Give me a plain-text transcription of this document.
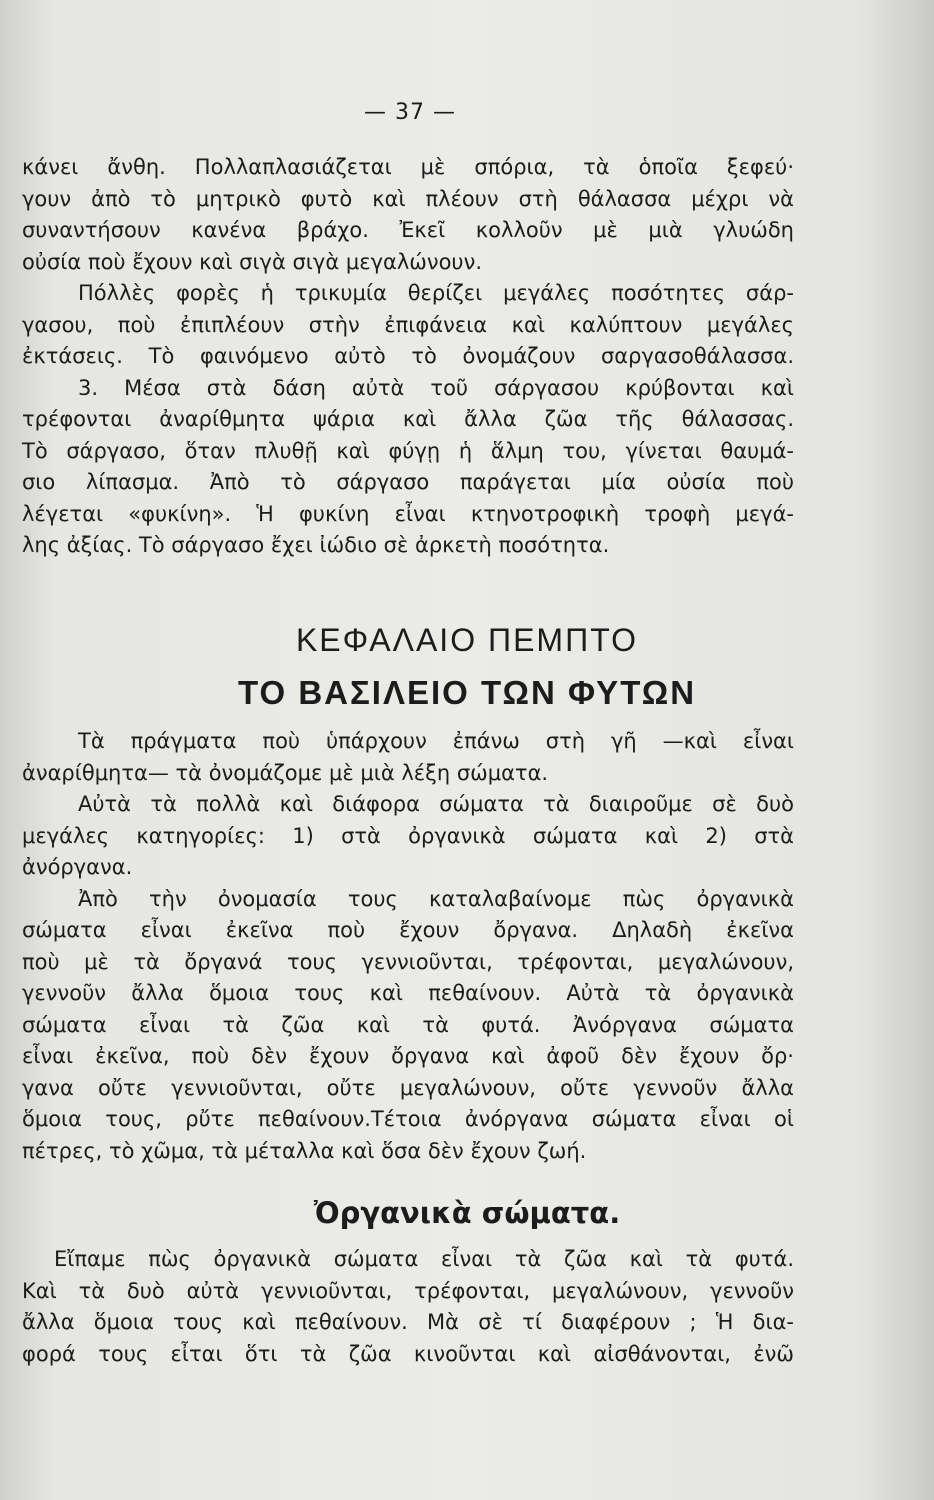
— 37 —
κάνει ἄνθη. Πολλαπλασιάζεται μὲ σπόρια, τὰ ὁποῖα ξεφεύ·
γουν ἀπὸ τὸ μητρικὸ φυτὸ καὶ πλέουν στὴ θάλασσα μέχρι νὰ
συναντήσουν κανένα βράχο. Ἐκεῖ κολλοῦν μὲ μιὰ γλυώδη
οὐσία ποὺ ἔχουν καὶ σιγὰ σιγὰ μεγαλώνουν.
Πόλλὲς φορὲς ἡ τρικυμία θερίζει μεγάλες ποσότητες σάρ-
γασου, ποὺ ἐπιπλέουν στὴν ἐπιφάνεια καὶ καλύπτουν μεγάλες
ἐκτάσεις. Τὸ φαινόμενο αὐτὸ τὸ ὀνομάζουν σαργασοθάλασσα.
3. Μέσα στὰ δάση αὐτὰ τοῦ σάργασου κρύβονται καὶ
τρέφονται ἀναρίθμητα ψάρια καὶ ἄλλα ζῶα τῆς θάλασσας.
Τὸ σάργασο, ὅταν πλυθῇ καὶ φύγῃ ἡ ἅλμη του, γίνεται θαυμά-
σιο λίπασμα. Ἀπὸ τὸ σάργασο παράγεται μία οὐσία ποὺ
λέγεται «φυκίνη». Ἡ φυκίνη εἶναι κτηνοτροφικὴ τροφὴ μεγά-
λης ἀξίας. Τὸ σάργασο ἔχει ἰώδιο σὲ ἀρκετὴ ποσότητα.
ΚΕΦΑΛΑΙΟ ΠΕΜΠΤΟ
ΤΟ ΒΑΣΙΛΕΙΟ ΤΩΝ ΦΥΤΩΝ
Τὰ πράγματα ποὺ ὑπάρχουν ἐπάνω στὴ γῆ —καὶ εἶναι
ἀναρίθμητα— τὰ ὀνομάζομε μὲ μιὰ λέξη σώματα.
Αὐτὰ τὰ πολλὰ καὶ διάφορα σώματα τὰ διαιροῦμε σὲ δυὸ
μεγάλες κατηγορίες: 1) στὰ ὀργανικὰ σώματα καὶ 2) στὰ
ἀνόργανα.
Ἀπὸ τὴν ὀνομασία τους καταλαβαίνομε πὼς ὀργανικὰ
σώματα εἶναι ἐκεῖνα ποὺ ἔχουν ὄργανα. Δηλαδὴ ἐκεῖνα
ποὺ μὲ τὰ ὄργανά τους γεννιοῦνται, τρέφονται, μεγαλώνουν,
γεννοῦν ἄλλα ὅμοια τους καὶ πεθαίνουν. Αὐτὰ τὰ ὀργανικὰ
σώματα εἶναι τὰ ζῶα καὶ τὰ φυτά. Ἀνόργανα σώματα
εἶναι ἐκεῖνα, ποὺ δὲν ἔχουν ὄργανα καὶ ἀφοῦ δὲν ἔχουν ὄρ·
γανα οὔτε γεννιοῦνται, οὔτε μεγαλώνουν, οὔτε γεννοῦν ἄλλα
ὅμοια τους, ρὔτε πεθαίνουν.Τέτοια ἀνόργανα σώματα εἶναι οἱ
πέτρες, τὸ χῶμα, τὰ μέταλλα καὶ ὅσα δὲν ἔχουν ζωή.
Ὀργανικὰ σώματα.
Εἴπαμε πὼς ὀργανικὰ σώματα εἶναι τὰ ζῶα καὶ τὰ φυτά.
Καὶ τὰ δυὸ αὐτὰ γεννιοῦνται, τρέφονται, μεγαλώνουν, γεννοῦν
ἄλλα ὅμοια τους καὶ πεθαίνουν. Μὰ σὲ τί διαφέρουν ; Ἡ δια-
φορά τους εἶται ὅτι τὰ ζῶα κινοῦνται καὶ αἰσθάνονται, ἐνῶ
